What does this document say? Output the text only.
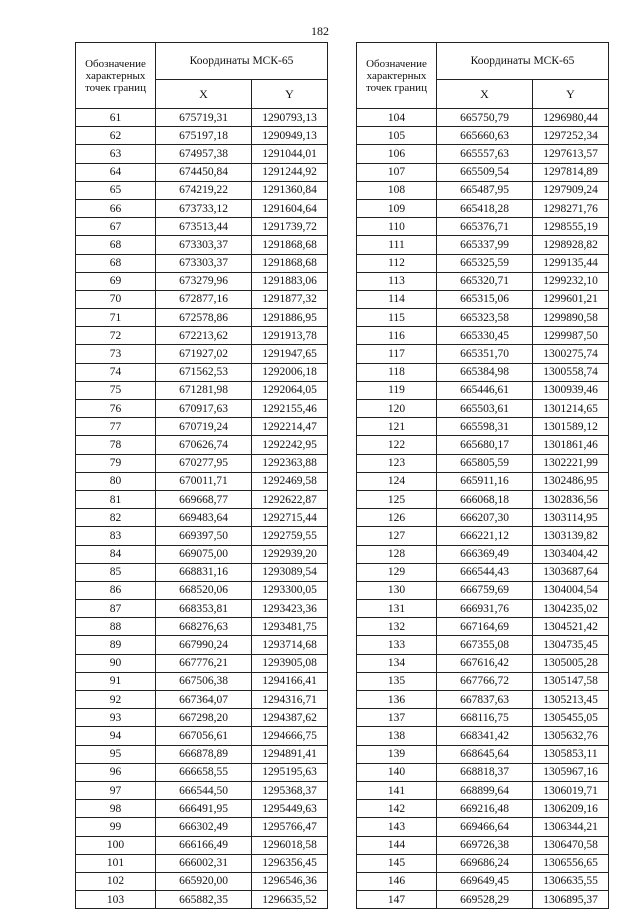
182
Обозначение характерных точек границ	Координаты МСК-65	
	X	Y
61	675719,31	1290793,13
62	675197,18	1290949,13
63	674957,38	1291044,01
64	674450,84	1291244,92
65	674219,22	1291360,84
66	673733,12	1291604,64
67	673513,44	1291739,72
68	673303,37	1291868,68
68	673303,37	1291868,68
69	673279,96	1291883,06
70	672877,16	1291877,32
71	672578,86	1291886,95
72	672213,62	1291913,78
73	671927,02	1291947,65
74	671562,53	1292006,18
75	671281,98	1292064,05
76	670917,63	1292155,46
77	670719,24	1292214,47
78	670626,74	1292242,95
79	670277,95	1292363,88
80	670011,71	1292469,58
81	669668,77	1292622,87
82	669483,64	1292715,44
83	669397,50	1292759,55
84	669075,00	1292939,20
85	668831,16	1293089,54
86	668520,06	1293300,05
87	668353,81	1293423,36
88	668276,63	1293481,75
89	667990,24	1293714,68
90	667776,21	1293905,08
91	667506,38	1294166,41
92	667364,07	1294316,71
93	667298,20	1294387,62
94	667056,61	1294666,75
95	666878,89	1294891,41
96	666658,55	1295195,63
97	666544,50	1295368,37
98	666491,95	1295449,63
99	666302,49	1295766,47
100	666166,49	1296018,58
101	666002,31	1296356,45
102	665920,00	1296546,36
103	665882,35	1296635,52
Обозначение характерных точек границ	Координаты МСК-65	
	X	Y
104	665750,79	1296980,44
105	665660,63	1297252,34
106	665557,63	1297613,57
107	665509,54	1297814,89
108	665487,95	1297909,24
109	665418,28	1298271,76
110	665376,71	1298555,19
111	665337,99	1298928,82
112	665325,59	1299135,44
113	665320,71	1299232,10
114	665315,06	1299601,21
115	665323,58	1299890,58
116	665330,45	1299987,50
117	665351,70	1300275,74
118	665384,98	1300558,74
119	665446,61	1300939,46
120	665503,61	1301214,65
121	665598,31	1301589,12
122	665680,17	1301861,46
123	665805,59	1302221,99
124	665911,16	1302486,95
125	666068,18	1302836,56
126	666207,30	1303114,95
127	666221,12	1303139,82
128	666369,49	1303404,42
129	666544,43	1303687,64
130	666759,69	1304004,54
131	666931,76	1304235,02
132	667164,69	1304521,42
133	667355,08	1304735,45
134	667616,42	1305005,28
135	667766,72	1305147,58
136	667837,63	1305213,45
137	668116,75	1305455,05
138	668341,42	1305632,76
139	668645,64	1305853,11
140	668818,37	1305967,16
141	668899,64	1306019,71
142	669216,48	1306209,16
143	669466,64	1306344,21
144	669726,38	1306470,58
145	669686,24	1306556,65
146	669649,45	1306635,55
147	669528,29	1306895,37
